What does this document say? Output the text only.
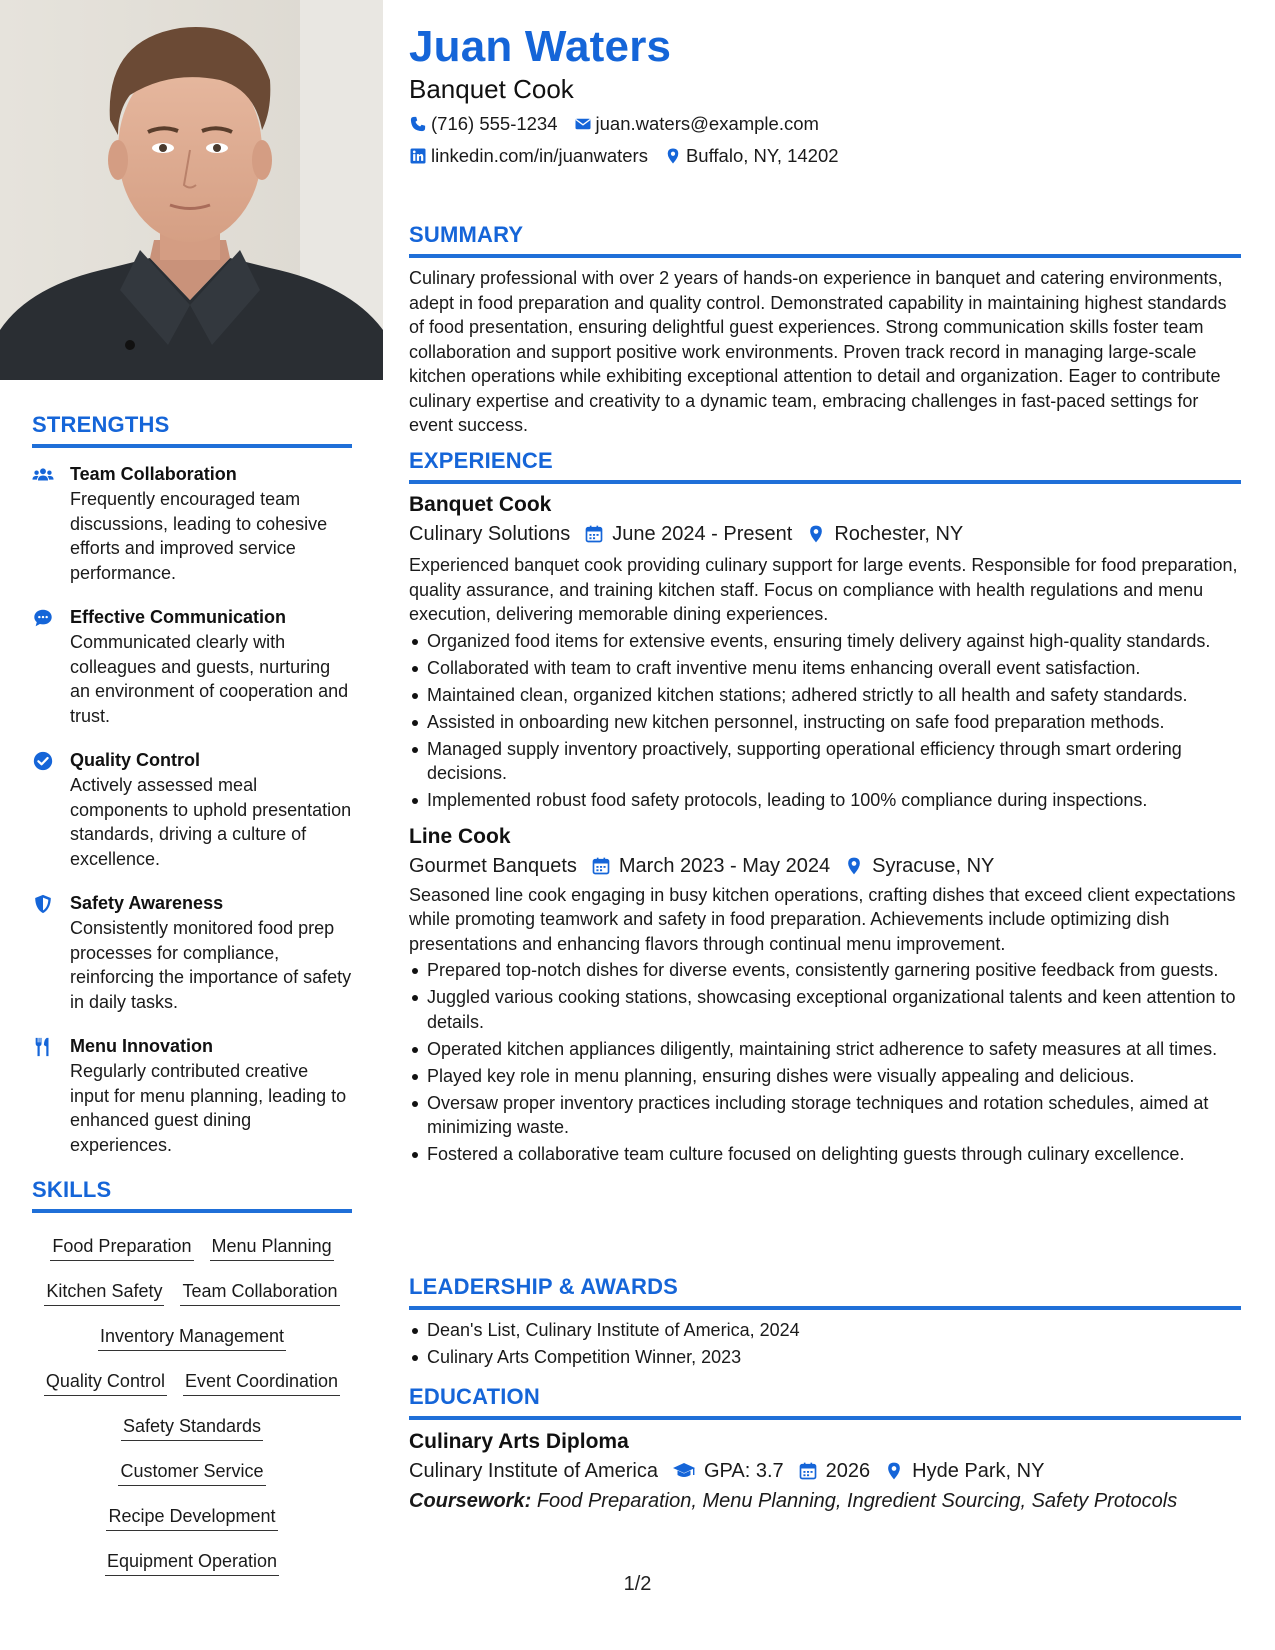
STRENGTHS
Team Collaboration
Frequently encouraged team discussions, leading to cohesive efforts and improved service performance.
Effective Communication
Communicated clearly with colleagues and guests, nurturing an environment of cooperation and trust.
Quality Control
Actively assessed meal components to uphold presentation standards, driving a culture of excellence.
Safety Awareness
Consistently monitored food prep processes for compliance, reinforcing the importance of safety in daily tasks.
Menu Innovation
Regularly contributed creative input for menu planning, leading to enhanced guest dining experiences.
SKILLS
Food Preparation Menu Planning
Kitchen Safety Team Collaboration
Inventory Management
Quality Control Event Coordination
Safety Standards
Customer Service
Recipe Development
Equipment Operation
Juan Waters
Banquet Cook
(716) 555-1234 juan.waters@example.com
linkedin.com/in/juanwaters Buffalo, NY, 14202
SUMMARY
Culinary professional with over 2 years of hands-on experience in banquet and catering environments, adept in food preparation and quality control. Demonstrated capability in maintaining highest standards of food presentation, ensuring delightful guest experiences. Strong communication skills foster team collaboration and support positive work environments. Proven track record in managing large-scale kitchen operations while exhibiting exceptional attention to detail and organization. Eager to contribute culinary expertise and creativity to a dynamic team, embracing challenges in fast-paced settings for event success.
EXPERIENCE
Banquet Cook
Culinary Solutions June 2024 - Present Rochester, NY
Experienced banquet cook providing culinary support for large events. Responsible for food preparation, quality assurance, and training kitchen staff. Focus on compliance with health regulations and menu execution, delivering memorable dining experiences.
Organized food items for extensive events, ensuring timely delivery against high-quality standards.
Collaborated with team to craft inventive menu items enhancing overall event satisfaction.
Maintained clean, organized kitchen stations; adhered strictly to all health and safety standards.
Assisted in onboarding new kitchen personnel, instructing on safe food preparation methods.
Managed supply inventory proactively, supporting operational efficiency through smart ordering decisions.
Implemented robust food safety protocols, leading to 100% compliance during inspections.
Line Cook
Gourmet Banquets March 2023 - May 2024 Syracuse, NY
Seasoned line cook engaging in busy kitchen operations, crafting dishes that exceed client expectations while promoting teamwork and safety in food preparation. Achievements include optimizing dish presentations and enhancing flavors through continual menu improvement.
Prepared top-notch dishes for diverse events, consistently garnering positive feedback from guests.
Juggled various cooking stations, showcasing exceptional organizational talents and keen attention to details.
Operated kitchen appliances diligently, maintaining strict adherence to safety measures at all times.
Played key role in menu planning, ensuring dishes were visually appealing and delicious.
Oversaw proper inventory practices including storage techniques and rotation schedules, aimed at minimizing waste.
Fostered a collaborative team culture focused on delighting guests through culinary excellence.
LEADERSHIP & AWARDS
Dean's List, Culinary Institute of America, 2024
Culinary Arts Competition Winner, 2023
EDUCATION
Culinary Arts Diploma
Culinary Institute of America GPA: 3.7 2026 Hyde Park, NY
Coursework: Food Preparation, Menu Planning, Ingredient Sourcing, Safety Protocols
1/2
